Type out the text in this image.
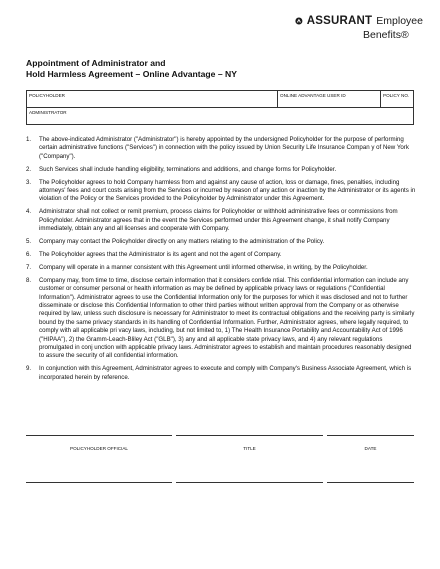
ASSURANT Employee
Benefits®
Appointment of Administrator and
Hold Harmless Agreement – Online Advantage – NY
POLICYHOLDER	ONLINE ADVANTAGE USER ID	POLICY NO.
ADMINISTRATOR
1.	The above-indicated Administrator ("Administrator") is hereby appointed by the undersigned Policyholder for the purpose of performing certain administrative functions ("Services") in connection with the policy issued by Union Security Life Insurance Compan y of New York ("Company").
2.	Such Services shall include handling eligibility, terminations and additions, and change forms for Policyholder.
3.	The Policyholder agrees to hold Company harmless from and against any cause of action, loss or damage, fines, penalties, including attorneys' fees and court costs arising from the Services or incurred by reason of any action or inaction by the Administrator or its agents in violation of the Policy or the Services provided to the Policyholder by Administrator under this Agreement.
4.	Administrator shall not collect or remit premium, process claims for Policyholder or withhold administrative fees or commissions from Policyholder. Administrator agrees that in the event the Services performed under this Agreement change, it shall notify Company immediately, obtain any and all licenses and cooperate with Company.
5.	Company may contact the Policyholder directly on any matters relating to the administration of the Policy.
6.	The Policyholder agrees that the Administrator is its agent and not the agent of Company.
7.	Company will operate in a manner consistent with this Agreement until informed otherwise, in writing, by the Policyholder.
8.	Company may, from time to time, disclose certain information that it considers confide ntial. This confidential information can include any customer or consumer personal or health information as may be defined by applicable privacy laws or regulations ("Confidential Information"). Administrator agrees to use the Confidential Information only for the purposes for which it was disclosed and not to further disseminate or disclose this Confidential Information to other third parties without written approval from the Company or as otherwise required by law, unless such disclosure is necessary for Administrator to meet its contractual obligations and the receiving party is similarly bound by the same privacy standards in its handling of Confidential Information. Further, Administrator agrees, where legally required, to comply with all applicable pri vacy laws, including, but not limited to, 1) The Health Insurance Portability and Accountability Act of 1996 ("HIPAA"), 2) the Gramm-Leach-Bliley Act ("GLB"), 3) any and all applicable state privacy laws, and 4) any relevant regulations promulgated in conj unction with applicable privacy laws. Administrator agrees to establish and maintain procedures reasonably designed to assure the security of all confidential information.
9.	In conjunction with this Agreement, Administrator agrees to execute and comply with Company's Business Associate Agreement, which is incorporated herein by reference.
POLICYHOLDER OFFICIAL	TITLE	DATE
